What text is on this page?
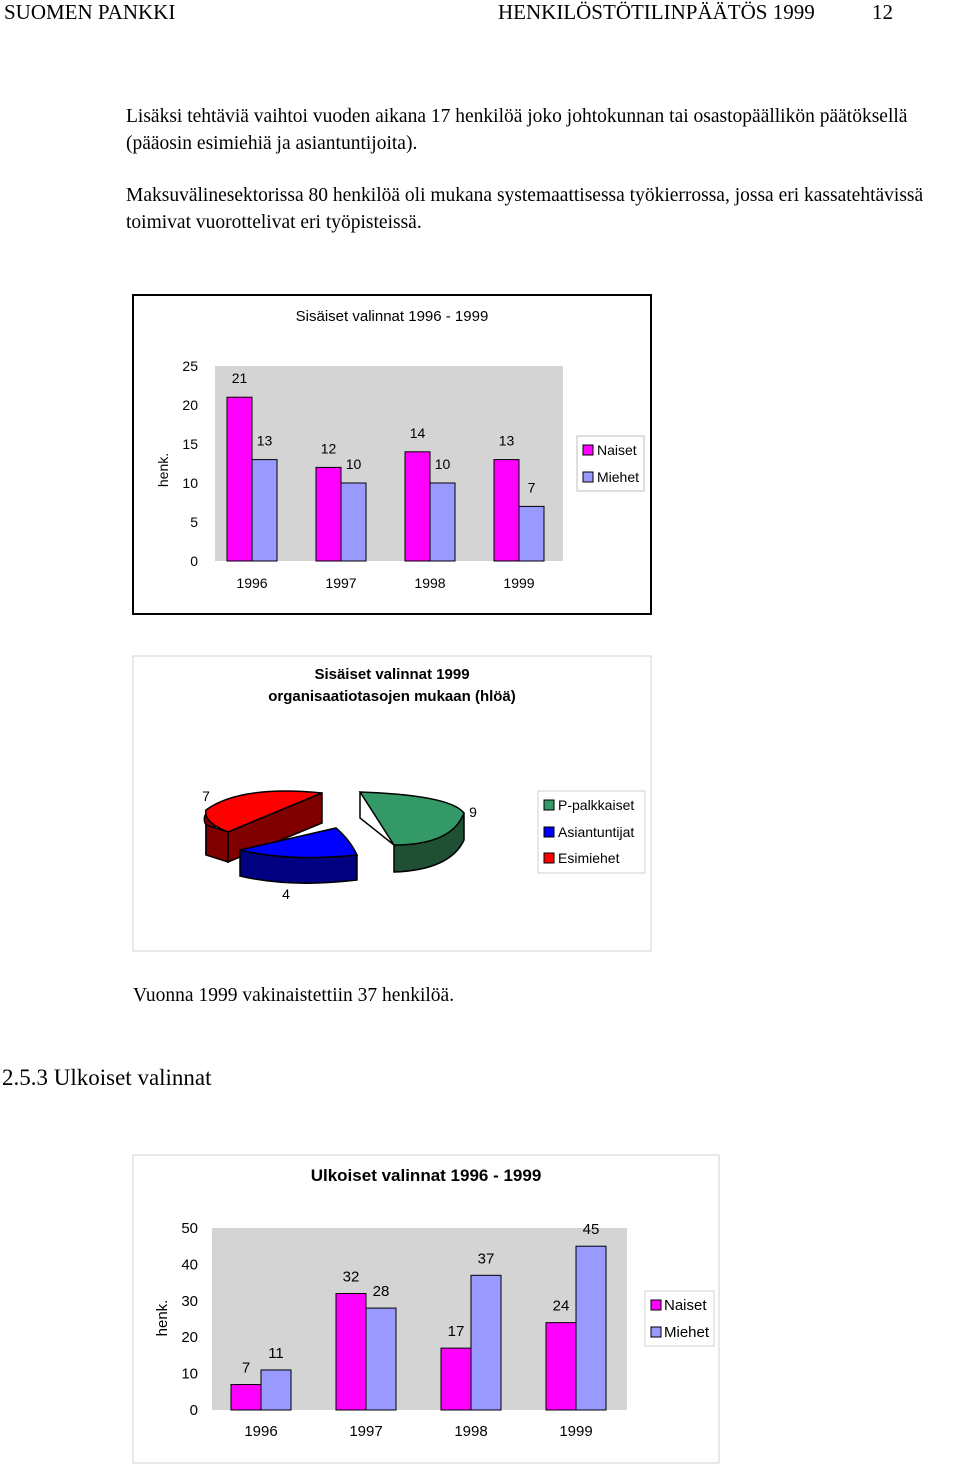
SUOMEN PANKKI	HENKILÖSTÖTILINPÄÄTÖS 1999	12

Lisäksi tehtäviä vaihtoi vuoden aikana 17 henkilöä joko johtokunnan tai osastopäällikön päätöksellä (pääosin esimiehiä ja asiantuntijoita).

Maksuvälinesektorissa 80 henkilöä oli mukana systemaattisessa työkierrossa, jossa eri kassatehtävissä toimivat vuorottelivat eri työpisteissä.

Sisäiset valinnat 1996 - 1999
0
5
10
15
20
25
21
13	12
10
14
10
13
7
1996	1997	1998	1999
henk.
Naiset
Miehet
Sisäiset valinnat 1999
organisaatiotasojen mukaan (hlöä)
7
9
4
P-palkkaiset
Asiantuntijat
Esimiehet
Ulkoiset valinnat 1996 - 1999
0
10
20
30
40
50
7
11
32
28
17
37
24
45
1996	1997	1998	1999
henk.	Naiset
Miehet
Vuonna 1999 vakinaistettiin 37 henkilöä.
2.5.3 Ulkoiset valinnat
